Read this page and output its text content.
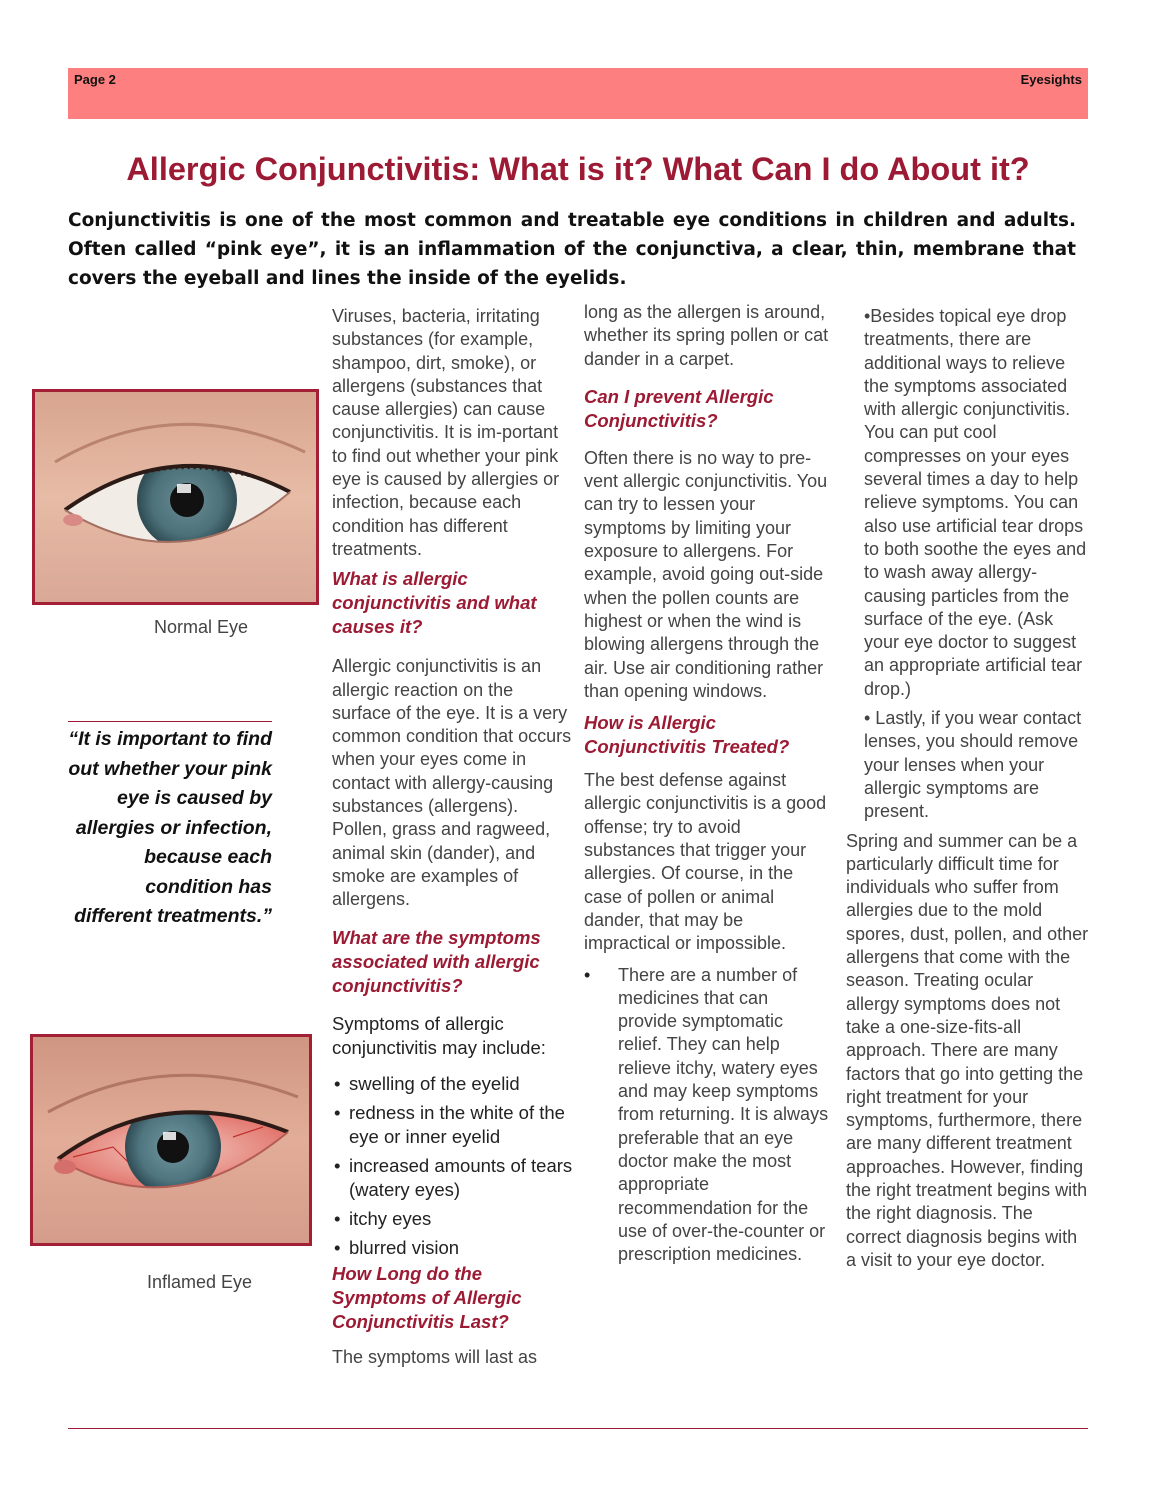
Page 2	Eyesights
Allergic Conjunctivitis: What is it? What Can I do About it?

Conjunctivitis is one of the most common and treatable eye conditions in children and adults. Often called “pink eye”, it is an inflammation of the conjunctiva, a clear, thin, membrane that covers the eyeball and lines the inside of the eyelids.

Normal Eye

“It is important to find out whether your pink eye is caused by allergies or infection, because each condition has different treatments.”

Inflamed Eye

Viruses, bacteria, irritating substances (for example, shampoo, dirt, smoke), or allergens (substances that cause allergies) can cause conjunctivitis. It is im-portant to find out whether your pink eye is caused by allergies or infection, because each condition has different treatments.

What is allergic conjunctivitis and what causes it?

Allergic conjunctivitis is an allergic reaction on the surface of the eye. It is a very common condition that occurs when your eyes come in contact with allergy-causing substances (allergens). Pollen, grass and ragweed, animal skin (dander), and smoke are examples of allergens.

What are the symptoms associated with allergic conjunctivitis?

Symptoms of allergic conjunctivitis may include:

• swelling of the eyelid
• redness in the white of the eye or inner eyelid
• increased amounts of tears (watery eyes)
• itchy eyes
• blurred vision
How Long do the Symptoms of Allergic Conjunctivitis Last?

The symptoms will last as

long as the allergen is around, whether its spring pollen or cat dander in a carpet.

Can I prevent Allergic Conjunctivitis?

Often there is no way to pre-vent allergic conjunctivitis. You can try to lessen your symptoms by limiting your exposure to allergens. For example, avoid going out-side when the pollen counts are highest or when the wind is blowing allergens through the air. Use air conditioning rather than opening windows.

How is Allergic Conjunctivitis Treated?

The best defense against allergic conjunctivitis is a good offense; try to avoid substances that trigger your allergies. Of course, in the case of pollen or animal dander, that may be impractical or impossible.

• There are a number of medicines that can provide symptomatic relief. They can help relieve itchy, watery eyes and may keep symptoms from returning. It is always preferable that an eye doctor make the most appropriate recommendation for the use of over-the-counter or prescription medicines.

•Besides topical eye drop treatments, there are additional ways to relieve the symptoms associated with allergic conjunctivitis. You can put cool compresses on your eyes several times a day to help relieve symptoms. You can also use artificial tear drops to both soothe the eyes and to wash away allergy-causing particles from the surface of the eye. (Ask your eye doctor to suggest an appropriate artificial tear drop.)

• Lastly, if you wear contact lenses, you should remove your lenses when your allergic symptoms are present.

Spring and summer can be a particularly difficult time for individuals who suffer from allergies due to the mold spores, dust, pollen, and other allergens that come with the season. Treating ocular allergy symptoms does not take a one-size-fits-all approach. There are many factors that go into getting the right treatment for your symptoms, furthermore, there are many different treatment approaches. However, finding the right treatment begins with the right diagnosis. The correct diagnosis begins with a visit to your eye doctor.
